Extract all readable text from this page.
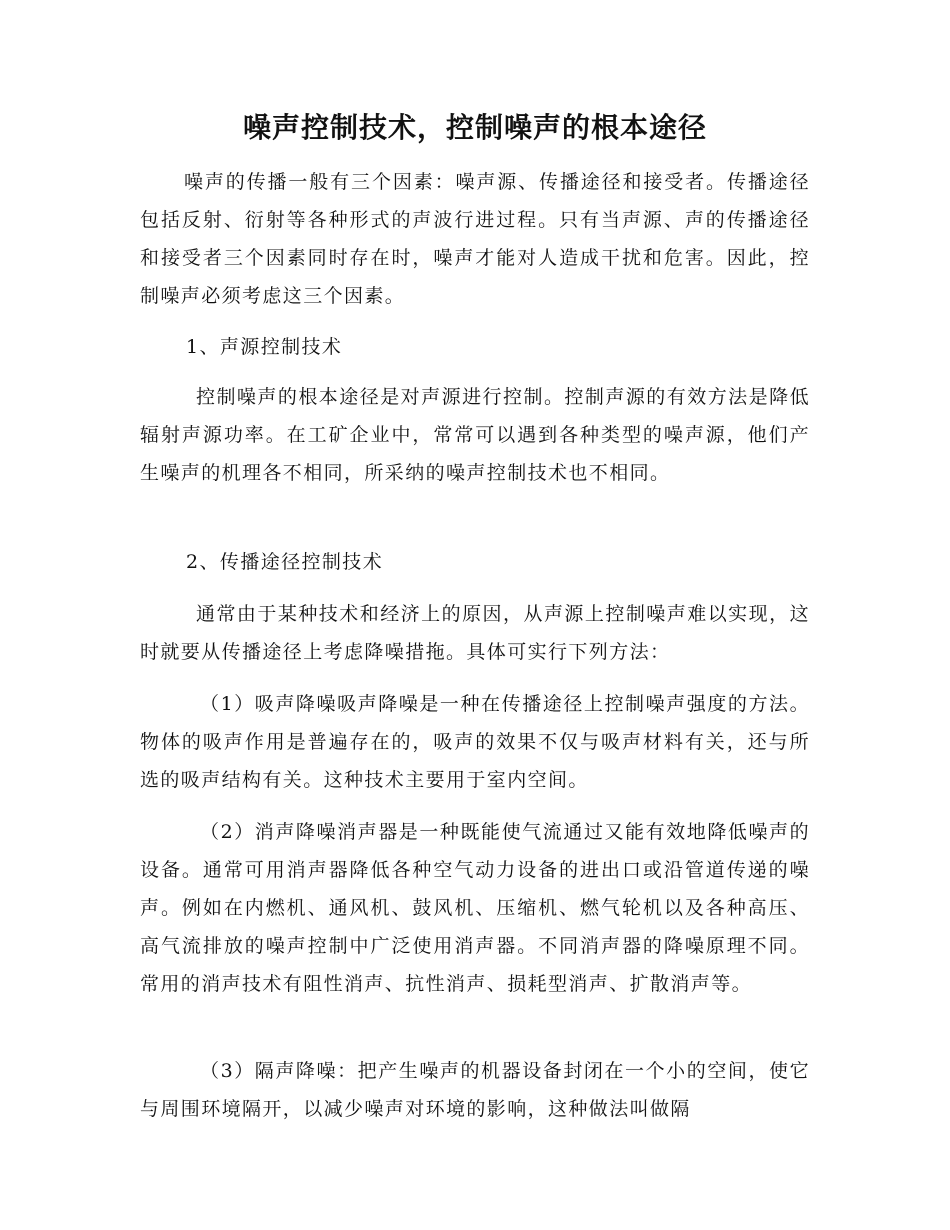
噪声控制技术，控制噪声的根本途径

噪声的传播一般有三个因素：噪声源、传播途径和接受者。传播途径包括反射、衍射等各种形式的声波行进过程。只有当声源、声的传播途径和接受者三个因素同时存在时，噪声才能对人造成干扰和危害。因此，控制噪声必须考虑这三个因素。

1、声源控制技术

控制噪声的根本途径是对声源进行控制。控制声源的有效方法是降低辐射声源功率。在工矿企业中，常常可以遇到各种类型的噪声源，他们产生噪声的机理各不相同，所采纳的噪声控制技术也不相同。

2、传播途径控制技术

通常由于某种技术和经济上的原因，从声源上控制噪声难以实现，这时就要从传播途径上考虑降噪措拖。具体可实行下列方法：

（1）吸声降噪吸声降噪是一种在传播途径上控制噪声强度的方法。物体的吸声作用是普遍存在的，吸声的效果不仅与吸声材料有关，还与所选的吸声结构有关。这种技术主要用于室内空间。

（2）消声降噪消声器是一种既能使气流通过又能有效地降低噪声的设备。通常可用消声器降低各种空气动力设备的进出口或沿管道传递的噪声。例如在内燃机、通风机、鼓风机、压缩机、燃气轮机以及各种高压、高气流排放的噪声控制中广泛使用消声器。不同消声器的降噪原理不同。常用的消声技术有阻性消声、抗性消声、损耗型消声、扩散消声等。

（3）隔声降噪：把产生噪声的机器设备封闭在一个小的空间，使它与周围环境隔开，以减少噪声对环境的影响，这种做法叫做隔
